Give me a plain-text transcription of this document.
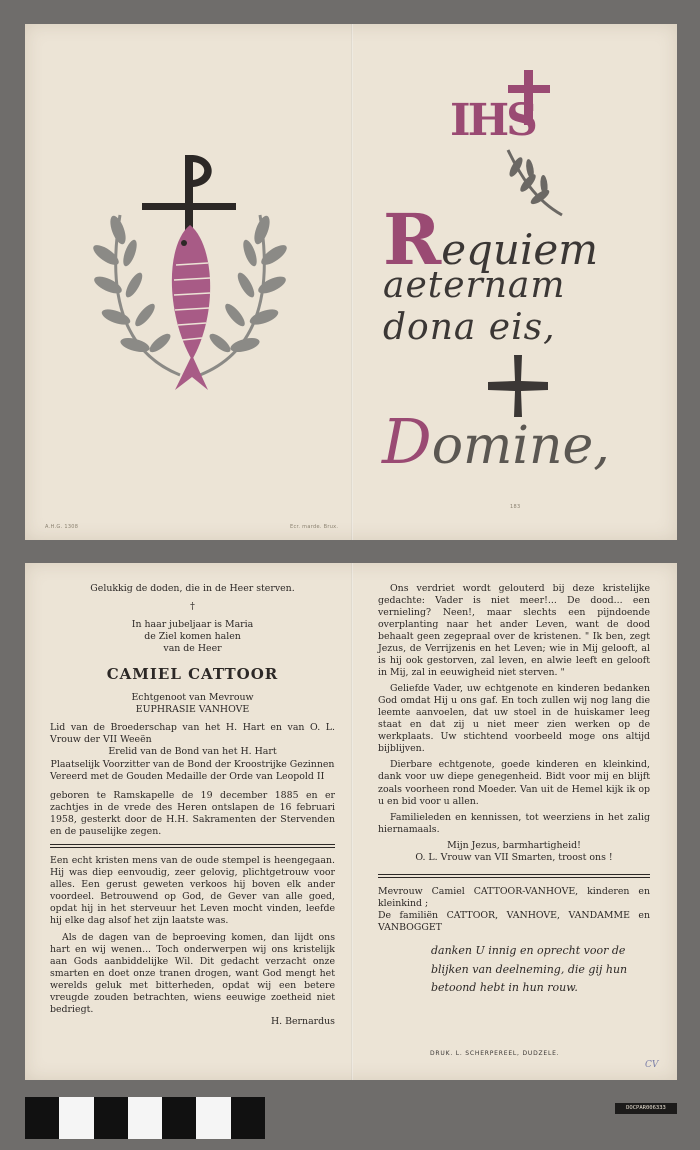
A.H.G. 1308	Ecr. marde. Brux.
183
IHS
Requiem
aeternam
dona eis,
Domine,

Gelukkig de doden, die in de Heer sterven.

†

In haar jubeljaar is Maria

de Ziel komen halen

van de Heer

CAMIEL CATTOOR

Echtgenoot van Mevrouw

EUPHRASIE VANHOVE

Lid van de Broederschap van het H. Hart en van O. L. Vrouw der VII Weeën

Erelid van de Bond van het H. Hart

Plaatselijk Voorzitter van de Bond der Kroostrijke Gezinnen

Vereerd met de Gouden Medaille der Orde van Leopold II

geboren te Ramskapelle de 19 december 1885 en er zachtjes in de vrede des Heren ontslapen de 16 februari 1958, gesterkt door de H.H. Sakramenten der Stervenden en de pauselijke zegen.

Een echt kristen mens van de oude stempel is heengegaan. Hij was diep eenvoudig, zeer gelovig, plichtgetrouw voor alles. Een gerust geweten verkoos hij boven elk ander voordeel. Betrouwend op God, de Gever van alle goed, opdat hij in het sterveuur het Leven mocht vinden, leefde hij elke dag alsof het zijn laatste was.

Als de dagen van de beproeving komen, dan lijdt ons hart en wij wenen... Toch onderwerpen wij ons kristelijk aan Gods aanbiddelijke Wil. Dit gedacht verzacht onze smarten en doet onze tranen drogen, want God mengt het werelds geluk met bitterheden, opdat wij een betere vreugde zouden betrachten, wiens eeuwige zoetheid niet bedriegt.

H. Bernardus

Ons verdriet wordt gelouterd bij deze kristelijke gedachte: Vader is niet meer!... De dood... een vernieling? Neen!, maar slechts een pijndoende overplanting naar het ander Leven, want de dood behaalt geen zegepraal over de kristenen. " Ik ben, zegt Jezus, de Verrijzenis en het Leven; wie in Mij gelooft, al is hij ook gestorven, zal leven, en alwie leeft en gelooft in Mij, zal in eeuwigheid niet sterven. "

Geliefde Vader, uw echtgenote en kinderen bedanken God omdat Hij u ons gaf. En toch zullen wij nog lang die leemte aanvoelen, dat uw stoel in de huiskamer leeg staat en dat zij u niet meer zien werken op de werkplaats. Uw stichtend voorbeeld moge ons altijd bijblijven.

Dierbare echtgenote, goede kinderen en kleinkind, dank voor uw diepe genegenheid. Bidt voor mij en blijft zoals voorheen rond Moeder. Van uit de Hemel kijk ik op u en bid voor u allen.

Familieleden en kennissen, tot weerziens in het zalig hiernamaals.

Mijn Jezus, barmhartigheid!

O. L. Vrouw van VII Smarten, troost ons !

Mevrouw Camiel CATTOOR-VANHOVE, kinderen en kleinkind ;

De familiën CATTOOR, VANHOVE, VANDAMME en VANBOGGET

danken U innig en oprecht voor de blijken van deelneming, die gij hun betoond hebt in hun rouw.

DRUK. L. SCHERPEREEL, DUDZELE.
CV
DOCPAR006333
